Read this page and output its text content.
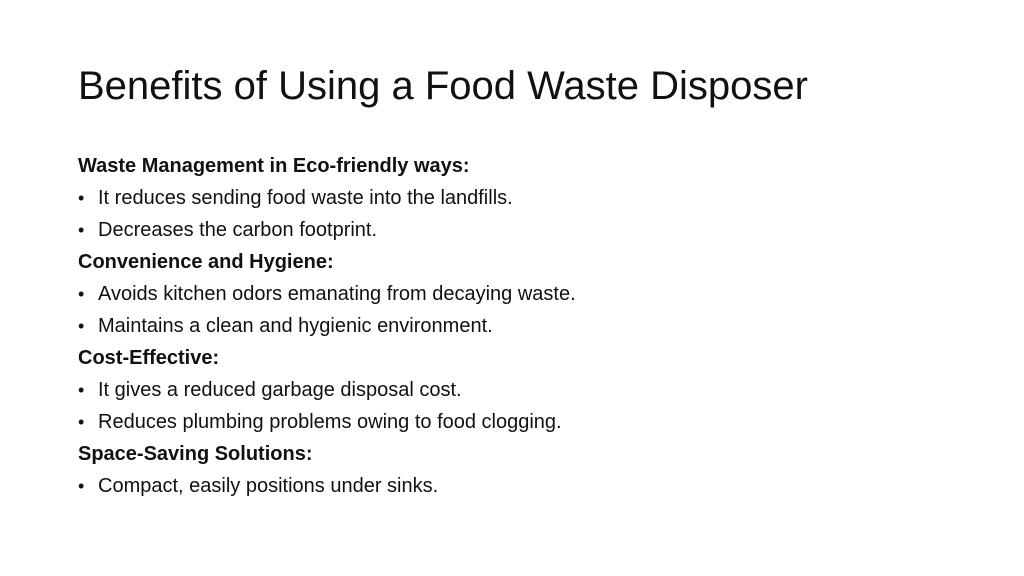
Benefits of Using a Food Waste Disposer
Waste Management in Eco-friendly ways:
• It reduces sending food waste into the landfills.
• Decreases the carbon footprint.
Convenience and Hygiene:
• Avoids kitchen odors emanating from decaying waste.
• Maintains a clean and hygienic environment.
Cost-Effective:
• It gives a reduced garbage disposal cost.
• Reduces plumbing problems owing to food clogging.
Space-Saving Solutions:
• Compact, easily positions under sinks.
